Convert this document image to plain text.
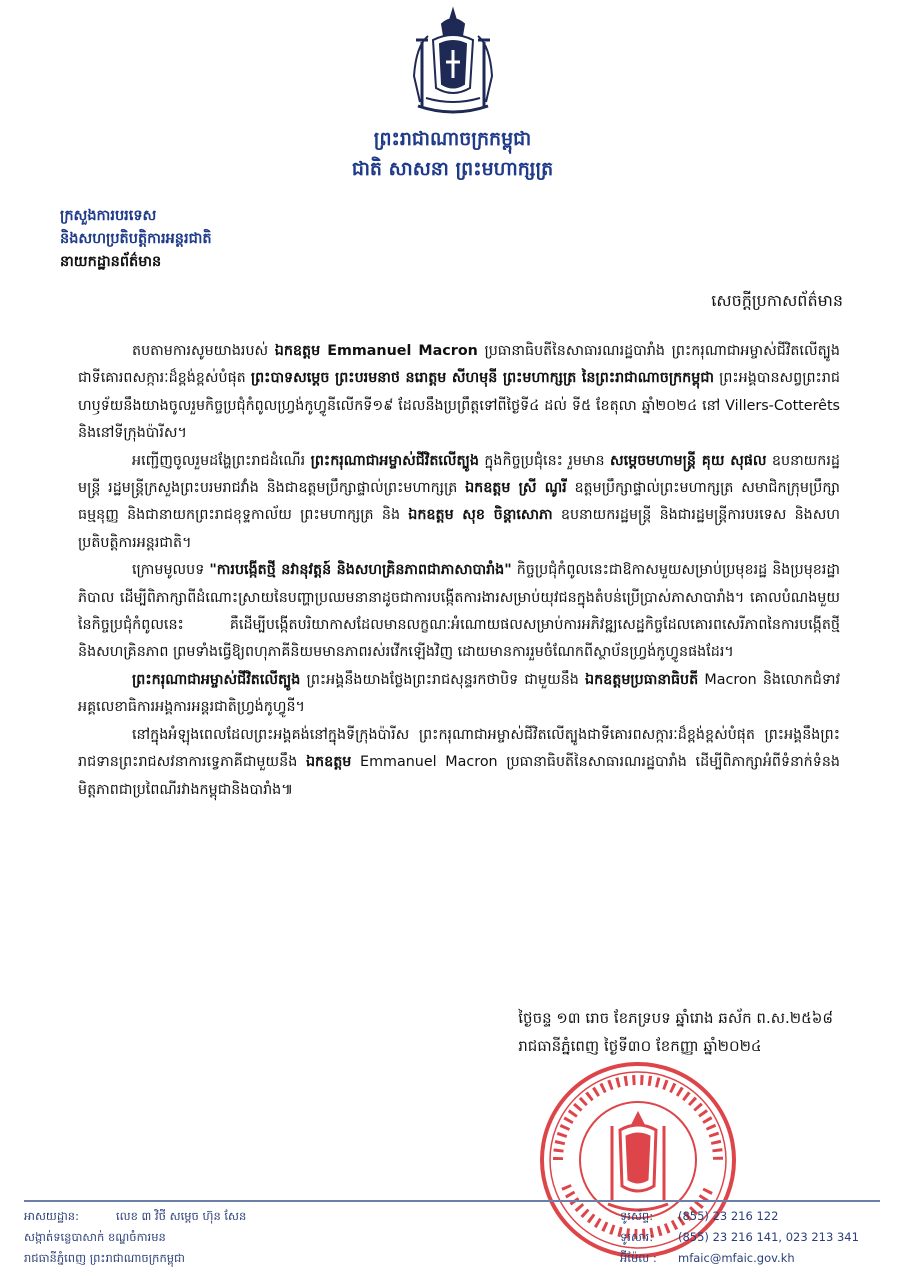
ព្រះរាជាណាចក្រកម្ពុជា
ជាតិ សាសនា ព្រះមហាក្សត្រ
ក្រសួងការបរទេស
និងសហប្រតិបត្តិការអន្តរជាតិ
នាយកដ្ឋានព័ត៌មាន
សេចក្តីប្រកាសព័ត៌មាន

តបតាមការសូមយាងរបស់ ឯកឧត្តម Emmanuel Macron ប្រធានាធិបតីនៃសាធារណរដ្ឋបារាំង ព្រះករុណាជាអម្ចាស់ជីវិតលើត្បូងជាទីគោរពសក្ការៈដ៏ខ្ពង់ខ្ពស់បំផុត ព្រះបាទសម្តេច ព្រះបរមនាថ នរោត្តម សីហមុនី ព្រះមហាក្សត្រ នៃព្រះរាជាណាចក្រកម្ពុជា ព្រះអង្គបានសព្វព្រះរាជហឫទ័យនឹងយាងចូលរួមកិច្ចប្រជុំកំពូលហ្វ្រង់កូហ្វូនីលើកទី១៩ ដែលនឹងប្រព្រឹត្តទៅពីថ្ងៃទី៤ ដល់ ទី៥ ខែតុលា ឆ្នាំ២០២៤ នៅ Villers-Cotterêts និងនៅទីក្រុងប៉ារីស។

អញ្ជើញចូលរួមដង្ហែព្រះរាជដំណើរ ព្រះករុណាជាអម្ចាស់ជីវិតលើត្បូង ក្នុងកិច្ចប្រជុំនេះ រួមមាន សម្តេចមហាមន្ត្រី គុយ សុផល ឧបនាយករដ្ឋមន្ត្រី រដ្ឋមន្ត្រីក្រសួងព្រះបរមរាជវាំង និងជាឧត្តមប្រឹក្សាផ្ទាល់ព្រះមហាក្សត្រ ឯកឧត្តម ស្រី ណូរី ឧត្តមប្រឹក្សាផ្ទាល់ព្រះមហាក្សត្រ សមាជិកក្រុមប្រឹក្សាធម្មនុញ្ញ និងជានាយកព្រះរាជខុទ្ទកាល័យ ព្រះមហាក្សត្រ និង ឯកឧត្តម សុខ ចិន្តាសោភា ឧបនាយករដ្ឋមន្ត្រី និងជារដ្ឋមន្ត្រីការបរទេស និងសហប្រតិបត្តិការអន្តរជាតិ។

ក្រោមមូលបទ "ការបង្កើតថ្មី នវានុវត្តន៍ និងសហគ្រិនភាពជាភាសាបារាំង" កិច្ចប្រជុំកំពូលនេះជាឱកាសមួយសម្រាប់ប្រមុខរដ្ឋ និងប្រមុខរដ្ឋាភិបាល ដើម្បីពិភាក្សាពីដំណោះស្រាយនៃបញ្ហាប្រឈមនានាដូចជាការបង្កើតការងារសម្រាប់យុវជនក្នុងតំបន់ប្រើប្រាស់ភាសាបារាំង។ គោលបំណងមួយនៃកិច្ចប្រជុំកំពូលនេះ គឺដើម្បីបង្កើតបរិយាកាសដែលមានលក្ខណៈអំណោយផលសម្រាប់ការអភិវឌ្ឍសេដ្ឋកិច្ចដែលគោរពសេរីភាពនៃការបង្កើតថ្មី និងសហគ្រិនភាព ព្រមទាំងធ្វើឱ្យពហុភាគីនិយមមានភាពរស់រវើកឡើងវិញ ដោយមានការរួមចំណែកពីស្ថាប័នហ្វ្រង់កូហ្វូនផងដែរ។

ព្រះករុណាជាអម្ចាស់ជីវិតលើត្បូង ព្រះអង្គនឹងយាងថ្លែងព្រះរាជសុន្ទរកថាបិទ ជាមួយនឹង ឯកឧត្តមប្រធានាធិបតី Macron និងលោកជំទាវអគ្គលេខាធិការអង្គការអន្តរជាតិហ្វ្រង់កូហ្វូនី។

នៅក្នុងអំឡុងពេលដែលព្រះអង្គគង់នៅក្នុងទីក្រុងប៉ារីស ព្រះករុណាជាអម្ចាស់ជីវិតលើត្បូងជាទីគោរពសក្ការៈដ៏ខ្ពង់ខ្ពស់បំផុត ព្រះអង្គនឹងព្រះរាជទានព្រះរាជសវនាការទ្វេភាគីជាមួយនឹង ឯកឧត្តម Emmanuel Macron ប្រធានាធិបតីនៃសាធារណរដ្ឋបារាំង ដើម្បីពិភាក្សាអំពីទំនាក់ទំនងមិត្តភាពជាប្រពៃណីរវាងកម្ពុជានិងបារាំង៕

ថ្ងៃចន្ទ ១៣ រោច ខែភទ្របទ ឆ្នាំរោង ឆស័ក ព.ស.២៥៦៨
រាជធានីភ្នំពេញ ថ្ងៃទី៣០ ខែកញ្ញា ឆ្នាំ២០២៤
អាសយដ្ឋាន:	លេខ ៣ វិថី សម្តេច ហ៊ុន សែន
សង្កាត់ទន្លេបាសាក់ ខណ្ឌចំការមន
រាជធានីភ្នំពេញ ព្រះរាជាណាចក្រកម្ពុជា
ទូរស័ព្ទ: (855) 23 216 122
ទូរសារ: (855) 23 216 141, 023 213 341
អ៊ីម៉ែល : mfaic@mfaic.gov.kh
